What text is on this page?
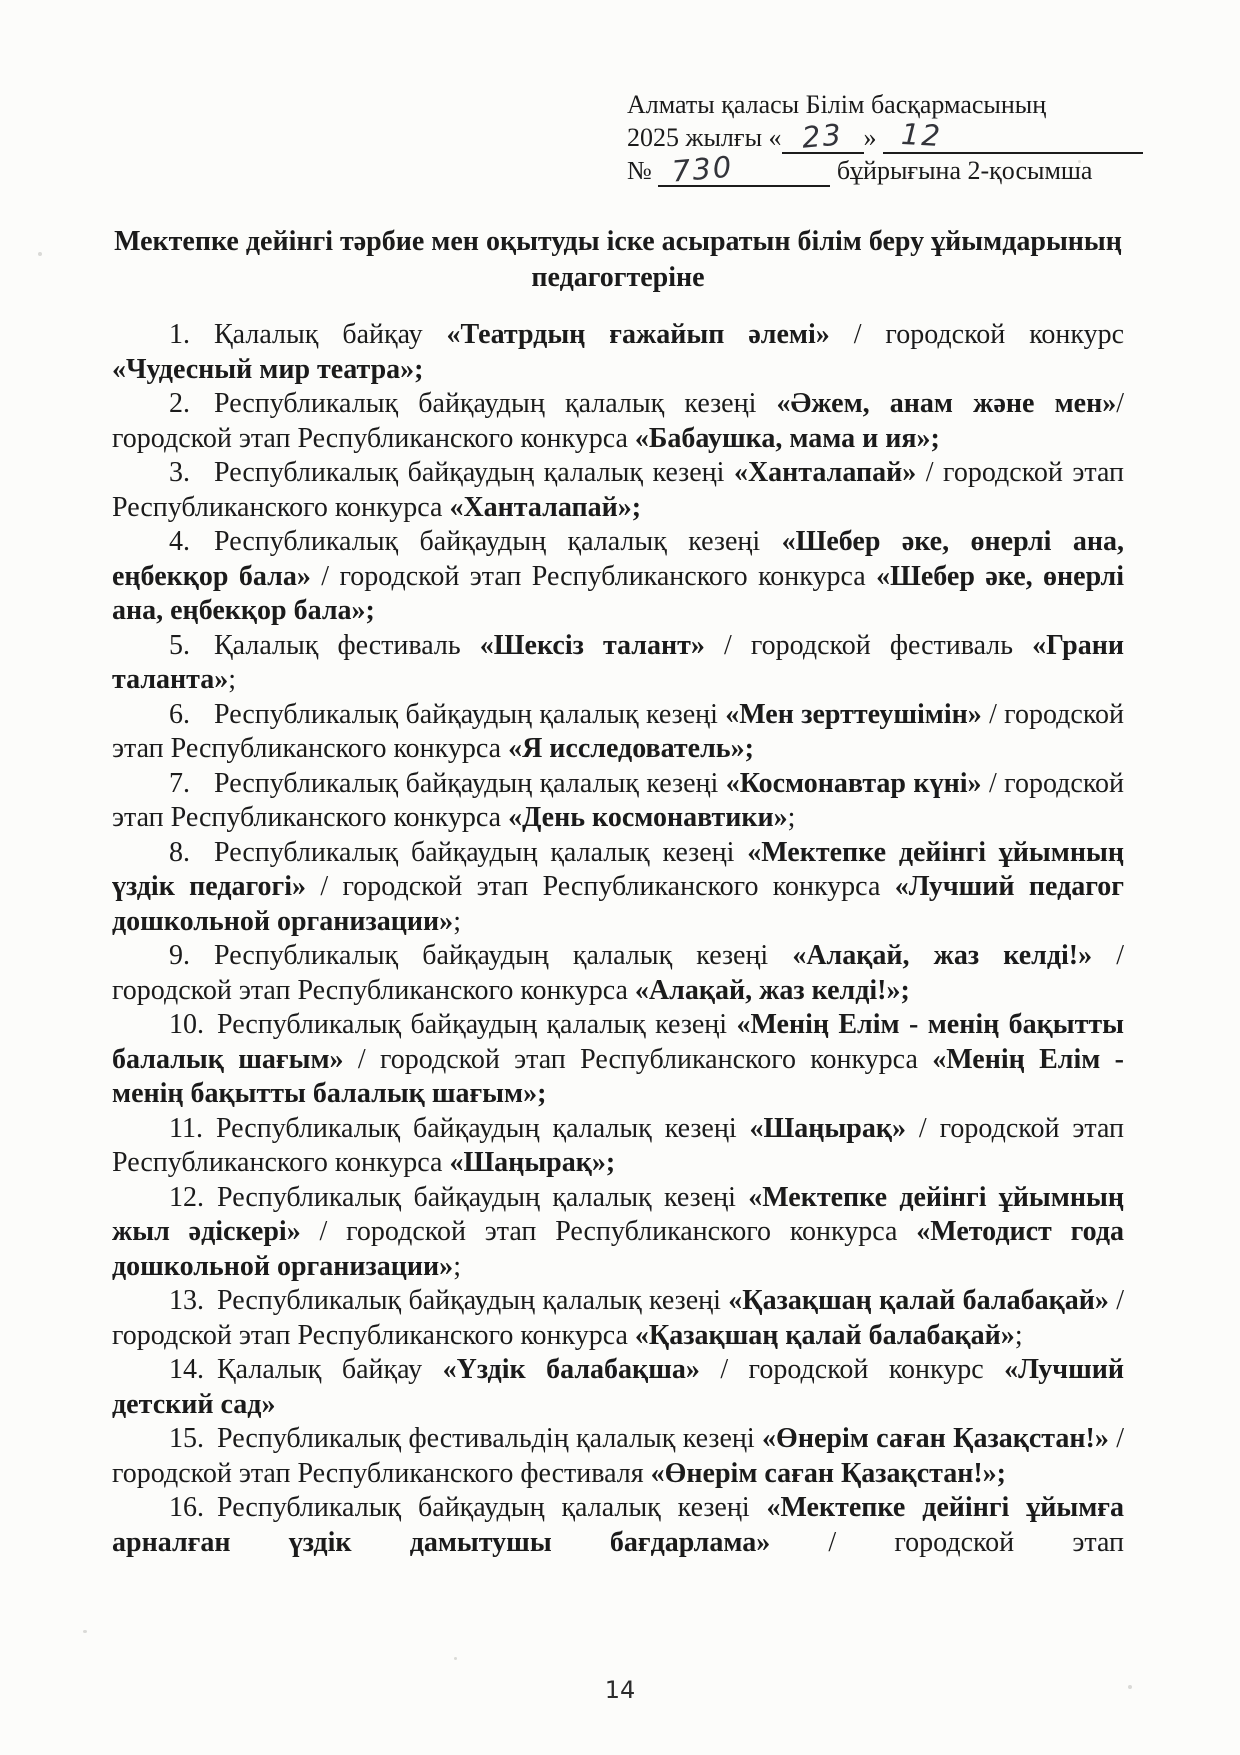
Алматы қаласы Білім басқармасының
2025 жылғы « 23 » 12
№ 730	бұйрығына 2-қосымша
Мектепке дейінгі тәрбие мен оқытуды іске асыратын білім беру ұйымдарының педагогтеріне

1. Қалалық байқау «Театрдың ғажайып әлемі» / городской конкурс «Чудесный мир театра»;

2. Республикалық байқаудың қалалық кезеңі «Әжем, анам және мен»/ городской этап Республиканского конкурса «Бабаушка, мама и ия»;

3. Республикалық байқаудың қалалық кезеңі «Ханталапай» / городской этап Республиканского конкурса «Ханталапай»;

4. Республикалық байқаудың қалалық кезеңі «Шебер әке, өнерлі ана, еңбекқор бала» / городской этап Республиканского конкурса «Шебер әке, өнерлі ана, еңбекқор бала»;

5. Қалалық фестиваль «Шексіз талант» / городской фестиваль «Грани таланта»;

6. Республикалық байқаудың қалалық кезеңі «Мен зерттеушімін» / городской этап Республиканского конкурса «Я исследователь»;

7. Республикалық байқаудың қалалық кезеңі «Космонавтар күні» / городской этап Республиканского конкурса «День космонавтики»;

8. Республикалық байқаудың қалалық кезеңі «Мектепке дейінгі ұйымның үздік педагогі» / городской этап Республиканского конкурса «Лучший педагог дошкольной организации»;

9. Республикалық байқаудың қалалық кезеңі «Алақай, жаз келді!» / городской этап Республиканского конкурса «Алақай, жаз келді!»;

10. Республикалық байқаудың қалалық кезеңі «Менің Елім - менің бақытты балалық шағым» / городской этап Республиканского конкурса «Менің Елім - менің бақытты балалық шағым»;

11. Республикалық байқаудың қалалық кезеңі «Шаңырақ» / городской этап Республиканского конкурса «Шаңырақ»;

12. Республикалық байқаудың қалалық кезеңі «Мектепке дейінгі ұйымның жыл әдіскері» / городской этап Республиканского конкурса «Методист года дошкольной организации»;

13. Республикалық байқаудың қалалық кезеңі «Қазақшаң қалай балабақай» / городской этап Республиканского конкурса «Қазақшаң қалай балабақай»;

14. Қалалық байқау «Үздік балабақша» / городской конкурс «Лучший детский сад»

15. Республикалық фестивальдің қалалық кезеңі «Өнерім саған Қазақстан!» / городской этап Республиканского фестиваля «Өнерім саған Қазақстан!»;

16. Республикалық байқаудың қалалық кезеңі «Мектепке дейінгі ұйымға арналған үздік дамытушы бағдарлама» / городской этап

14
